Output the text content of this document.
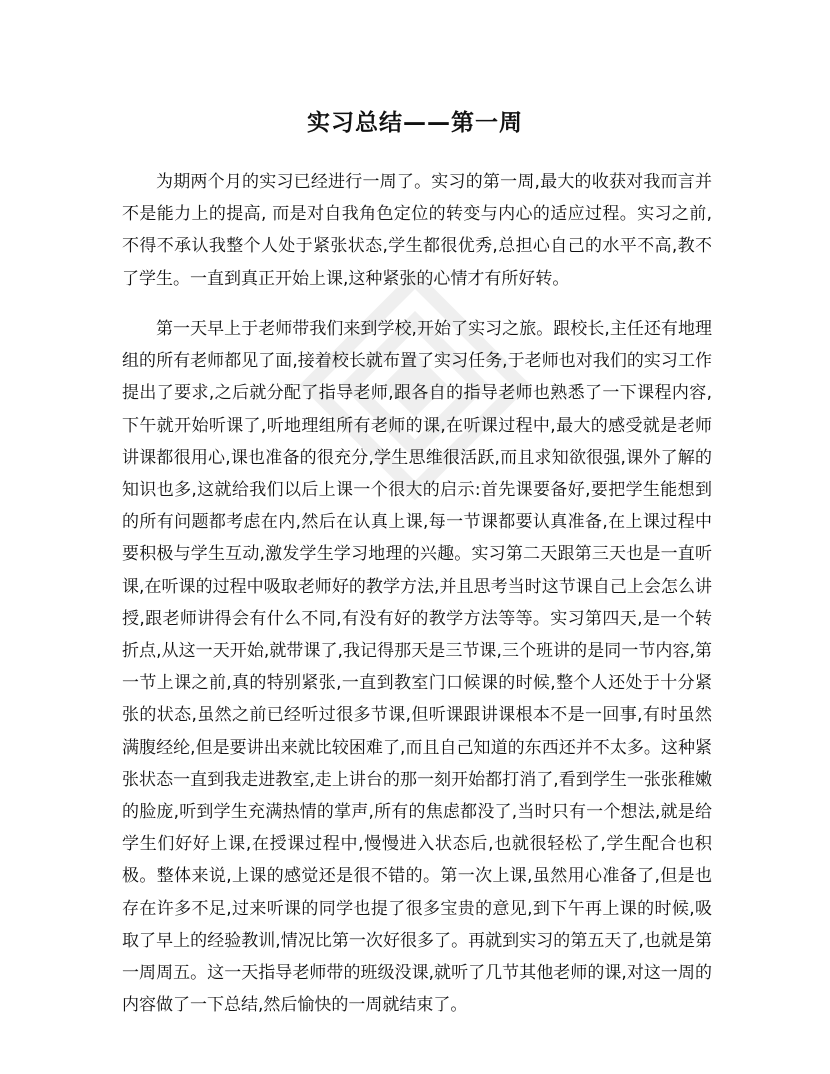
实习总结——第一周

为期两个月的实习已经进行一周了。实习的第一周,最大的收获对我而言并不是能力上的提高, 而是对自我角色定位的转变与内心的适应过程。实习之前,不得不承认我整个人处于紧张状态,学生都很优秀,总担心自己的水平不高,教不了学生。一直到真正开始上课,这种紧张的心情才有所好转。

第一天早上于老师带我们来到学校,开始了实习之旅。跟校长,主任还有地理组的所有老师都见了面,接着校长就布置了实习任务,于老师也对我们的实习工作提出了要求,之后就分配了指导老师,跟各自的指导老师也熟悉了一下课程内容,下午就开始听课了,听地理组所有老师的课,在听课过程中,最大的感受就是老师讲课都很用心,课也准备的很充分,学生思维很活跃,而且求知欲很强,课外了解的知识也多,这就给我们以后上课一个很大的启示:首先课要备好,要把学生能想到的所有问题都考虑在内,然后在认真上课,每一节课都要认真准备,在上课过程中要积极与学生互动,激发学生学习地理的兴趣。实习第二天跟第三天也是一直听课,在听课的过程中吸取老师好的教学方法,并且思考当时这节课自己上会怎么讲授,跟老师讲得会有什么不同,有没有好的教学方法等等。实习第四天,是一个转折点,从这一天开始,就带课了,我记得那天是三节课,三个班讲的是同一节内容,第一节上课之前,真的特别紧张,一直到教室门口候课的时候,整个人还处于十分紧张的状态,虽然之前已经听过很多节课,但听课跟讲课根本不是一回事,有时虽然满腹经纶,但是要讲出来就比较困难了,而且自己知道的东西还并不太多。这种紧张状态一直到我走进教室,走上讲台的那一刻开始都打消了,看到学生一张张稚嫩的脸庞,听到学生充满热情的掌声,所有的焦虑都没了,当时只有一个想法,就是给学生们好好上课,在授课过程中,慢慢进入状态后,也就很轻松了,学生配合也积极。整体来说,上课的感觉还是很不错的。第一次上课,虽然用心准备了,但是也存在许多不足,过来听课的同学也提了很多宝贵的意见,到下午再上课的时候,吸取了早上的经验教训,情况比第一次好很多了。再就到实习的第五天了,也就是第一周周五。这一天指导老师带的班级没课,就听了几节其他老师的课,对这一周的内容做了一下总结,然后愉快的一周就结束了。
